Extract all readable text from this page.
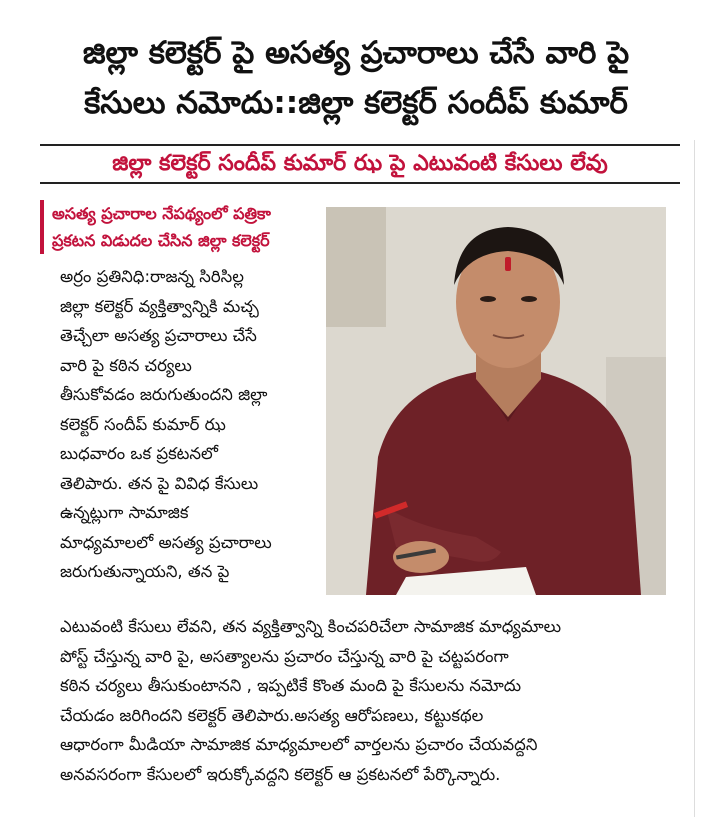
జిల్లా కలెక్టర్ పై అసత్య ప్రచారాలు చేసే వారి పై
కేసులు నమోదు::జిల్లా కలెక్టర్ సందీప్ కుమార్
జిల్లా కలెక్టర్ సందీప్ కుమార్ ఝ పై ఎటువంటి కేసులు లేవు
అసత్య ప్రచారాల నేపథ్యంలో పత్రికా
ప్రకటన విడుదల చేసిన జిల్లా కలెక్టర్
అర్రం ప్రతినిధి:రాజన్న సిరిసిల్ల
జిల్లా కలెక్టర్ వ్యక్తిత్వాన్నికి మచ్చ
తెచ్చేలా అసత్య ప్రచారాలు చేసే
వారి పై కఠిన చర్యలు
తీసుకోవడం జరుగుతుందని జిల్లా
కలెక్టర్ సందీప్ కుమార్ ఝ
బుధవారం ఒక ప్రకటనలో
తెలిపారు. తన పై వివిధ కేసులు
ఉన్నట్లుగా సామాజిక
మాధ్యమాలలో అసత్య ప్రచారాలు
జరుగుతున్నాయని, తన పై
ఎటువంటి కేసులు లేవని, తన వ్యక్తిత్వాన్ని కించపరిచేలా సామాజిక మాధ్యమాలు
పోస్ట్ చేస్తున్న వారి పై, అసత్యాలను ప్రచారం చేస్తున్న వారి పై చట్టపరంగా
కఠిన చర్యలు తీసుకుంటానని , ఇప్పటికే కొంత మంది పై కేసులను నమోదు
చేయడం జరిగిందని కలెక్టర్ తెలిపారు.అసత్య ఆరోపణలు, కట్టుకథల
ఆధారంగా మీడియా సామాజిక మాధ్యమాలలో వార్తలను ప్రచారం చేయవద్దని
అనవసరంగా కేసులలో ఇరుక్కోవద్దని కలెక్టర్ ఆ ప్రకటనలో పేర్కొన్నారు.
